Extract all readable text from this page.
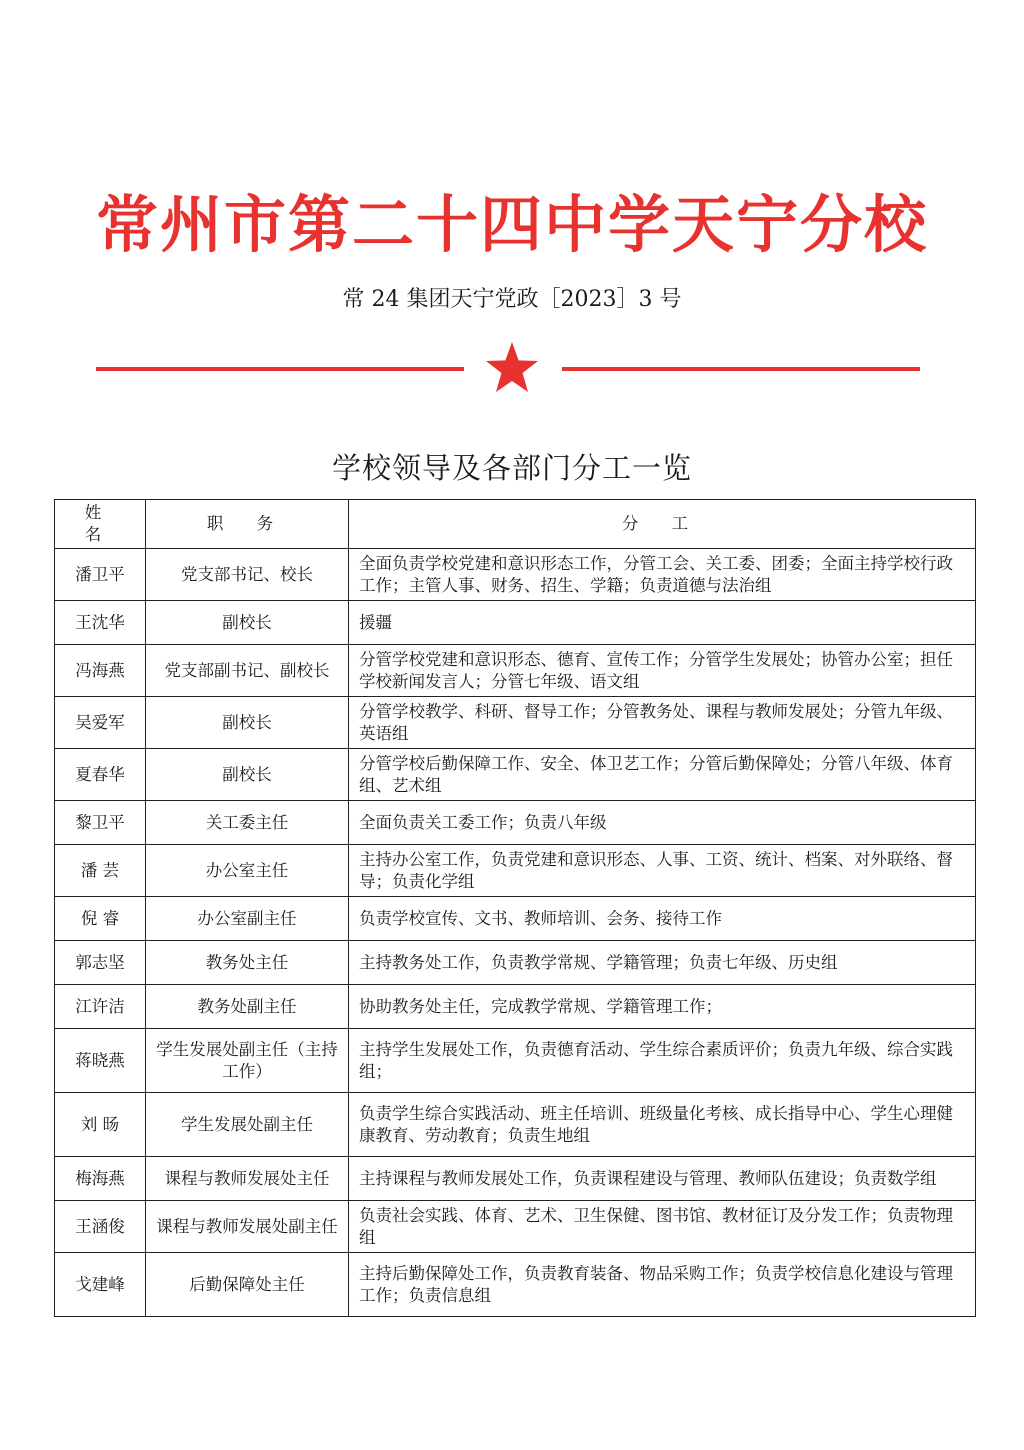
常州市第二十四中学天宁分校
常 24 集团天宁党政［2023］3 号
学校领导及各部门分工一览
姓 名	职 务	分 工
潘卫平	党支部书记、校长	全面负责学校党建和意识形态工作，分管工会、关工委、团委；全面主持学校行政工作；主管人事、财务、招生、学籍；负责道德与法治组
王沈华	副校长	援疆
冯海燕	党支部副书记、副校长	分管学校党建和意识形态、德育、宣传工作；分管学生发展处；协管办公室；担任学校新闻发言人；分管七年级、语文组
吴爱军	副校长	分管学校教学、科研、督导工作；分管教务处、课程与教师发展处；分管九年级、英语组
夏春华	副校长	分管学校后勤保障工作、安全、体卫艺工作；分管后勤保障处；分管八年级、体育组、艺术组
黎卫平	关工委主任	全面负责关工委工作；负责八年级
潘 芸	办公室主任	主持办公室工作，负责党建和意识形态、人事、工资、统计、档案、对外联络、督导；负责化学组
倪 睿	办公室副主任	负责学校宣传、文书、教师培训、会务、接待工作
郭志坚	教务处主任	主持教务处工作，负责教学常规、学籍管理；负责七年级、历史组
江许洁	教务处副主任	协助教务处主任，完成教学常规、学籍管理工作；
蒋晓燕	学生发展处副主任（主持工作）	主持学生发展处工作，负责德育活动、学生综合素质评价；负责九年级、综合实践组；
刘 旸	学生发展处副主任	负责学生综合实践活动、班主任培训、班级量化考核、成长指导中心、学生心理健康教育、劳动教育；负责生地组
梅海燕	课程与教师发展处主任	主持课程与教师发展处工作，负责课程建设与管理、教师队伍建设；负责数学组
王涵俊	课程与教师发展处副主任	负责社会实践、体育、艺术、卫生保健、图书馆、教材征订及分发工作；负责物理组
戈建峰	后勤保障处主任	主持后勤保障处工作，负责教育装备、物品采购工作；负责学校信息化建设与管理工作；负责信息组
